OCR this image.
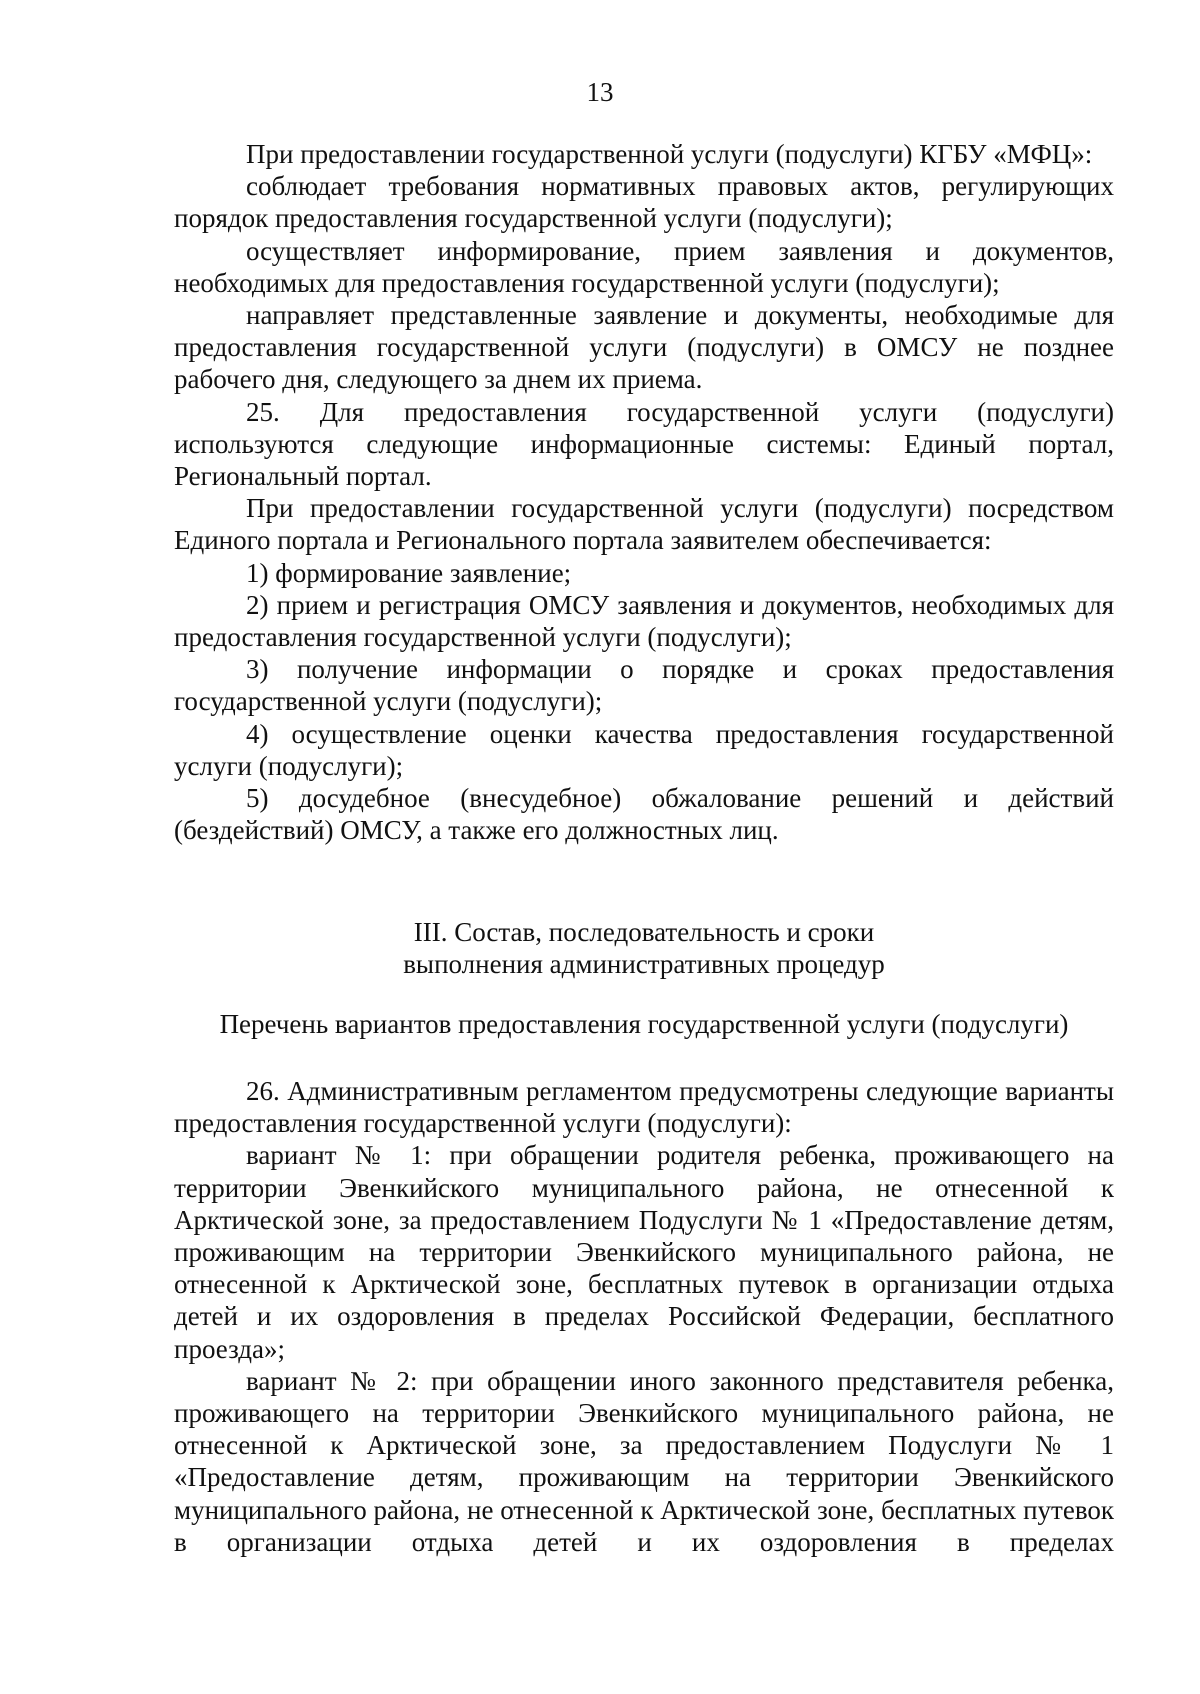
13

При предоставлении государственной услуги (подуслуги) КГБУ «МФЦ»:

соблюдает требования нормативных правовых актов, регулирующих порядок предоставления государственной услуги (подуслуги);

осуществляет информирование, прием заявления и документов, необходимых для предоставления государственной услуги (подуслуги);

направляет представленные заявление и документы, необходимые для предоставления государственной услуги (подуслуги) в ОМСУ не позднее рабочего дня, следующего за днем их приема.

25. Для предоставления государственной услуги (подуслуги) используются следующие информационные системы: Единый портал, Региональный портал.

При предоставлении государственной услуги (подуслуги) посредством Единого портала и Регионального портала заявителем обеспечивается:

1) формирование заявление;

2) прием и регистрация ОМСУ заявления и документов, необходимых для предоставления государственной услуги (подуслуги);

3) получение информации о порядке и сроках предоставления государственной услуги (подуслуги);

4) осуществление оценки качества предоставления государственной услуги (подуслуги);

5) досудебное (внесудебное) обжалование решений и действий (бездействий) ОМСУ, а также его должностных лиц.

III. Состав, последовательность и сроки
выполнения административных процедур
Перечень вариантов предоставления государственной услуги (подуслуги)

26. Административным регламентом предусмотрены следующие варианты предоставления государственной услуги (подуслуги):

вариант № 1: при обращении родителя ребенка, проживающего на территории Эвенкийского муниципального района, не отнесенной к Арктической зоне, за предоставлением Подуслуги № 1 «Предоставление детям, проживающим на территории Эвенкийского муниципального района, не отнесенной к Арктической зоне, бесплатных путевок в организации отдыха детей и их оздоровления в пределах Российской Федерации, бесплатного проезда»;

вариант № 2: при обращении иного законного представителя ребенка, проживающего на территории Эвенкийского муниципального района, не отнесенной к Арктической зоне, за предоставлением Подуслуги № 1 «Предоставление детям, проживающим на территории Эвенкийского муниципального района, не отнесенной к Арктической зоне, бесплатных путевок в организации отдыха детей и их оздоровления в пределах
